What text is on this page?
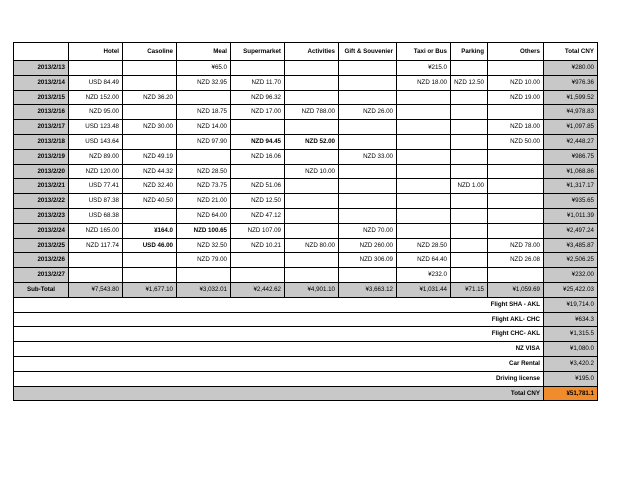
	Hotel	Casoline	Meal	Supermarket	Activities	Gift & Souvenier	Taxi or Bus	Parking	Others	Total CNY
2013/2/13			¥65.0				¥215.0			¥280.00
2013/2/14	USD 84.49		NZD 32.95	NZD 11.70			NZD 18.00	NZD 12.50	NZD 10.00	¥976.36
2013/2/15	NZD 152.00	NZD 36.20		NZD 96.32					NZD 19.00	¥1,599.52
2013/2/16	NZD 95.00		NZD 18.75	NZD 17.00	NZD 788.00	NZD 26.00				¥4,978.83
2013/2/17	USD 123.48	NZD 30.00	NZD 14.00						NZD 18.00	¥1,097.85
2013/2/18	USD 143.64		NZD 97.90	NZD 94.45	NZD 52.00				NZD 50.00	¥2,448.27
2013/2/19	NZD 89.00	NZD 49.19		NZD 16.06		NZD 33.00				¥986.75
2013/2/20	NZD 120.00	NZD 44.32	NZD 28.50		NZD 10.00					¥1,068.86
2013/2/21	USD 77.41	NZD 32.40	NZD 73.75	NZD 51.06				NZD 1.00		¥1,317.17
2013/2/22	USD 87.38	NZD 40.50	NZD 21.00	NZD 12.50						¥935.65
2013/2/23	USD 68.38		NZD 64.00	NZD 47.12						¥1,011.39
2013/2/24	NZD 165.00	¥164.0	NZD 100.65	NZD 107.09		NZD 70.00				¥2,497.24
2013/2/25	NZD 117.74	USD 46.00	NZD 32.50	NZD 10.21	NZD 80.00	NZD 260.00	NZD 28.50		NZD 78.00	¥3,485.87
2013/2/26			NZD 79.00			NZD 306.09	NZD 64.40		NZD 26.08	¥2,506.25
2013/2/27							¥232.0			¥232.00
Sub-Total	¥7,543.80	¥1,677.10	¥3,032.01	¥2,442.62	¥4,901.10	¥3,663.12	¥1,031.44	¥71.15	¥1,059.69	¥25,422.03
									Flight SHA - AKL	¥19,714.0
									Flight AKL- CHC	¥634.3
									Flight CHC- AKL	¥1,315.5
									NZ VISA	¥1,080.0
									Car Rental	¥3,420.2
									Driving license	¥195.0
									Total CNY	¥51,781.1
